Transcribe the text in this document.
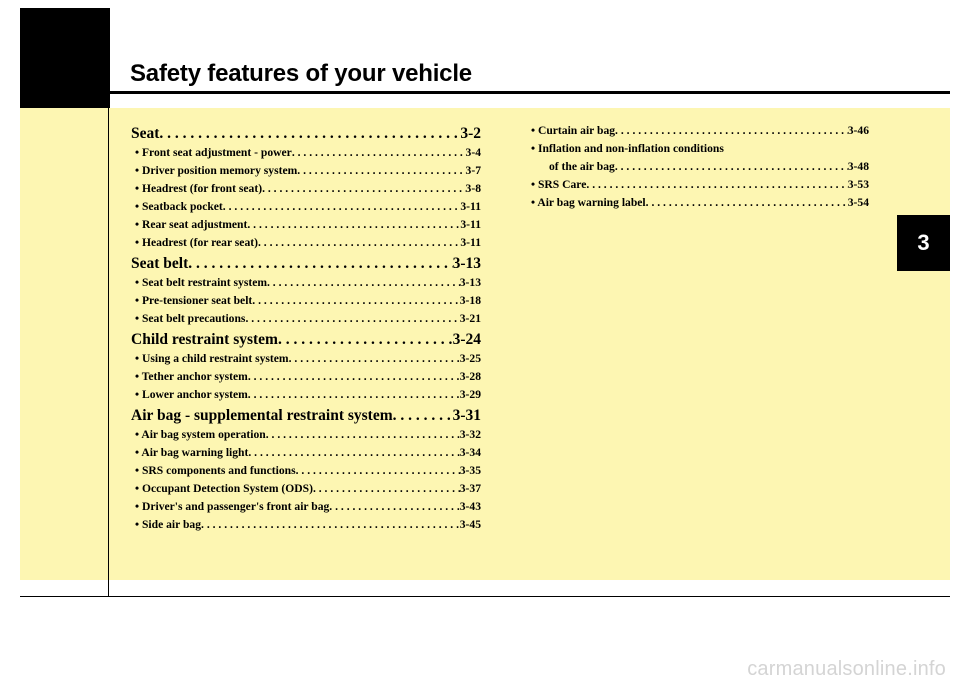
Safety features of your vehicle
3
Seat . . .	3-2
• Front seat adjustment - power . . .	3-4
• Driver position memory system . . .	3-7
• Headrest (for front seat) . . .	3-8
• Seatback pocket . . .	3-11
• Rear seat adjustment . . .	3-11
• Headrest (for rear seat) . . .	3-11
Seat belt . . .	3-13
• Seat belt restraint system . . .	3-13
• Pre-tensioner seat belt . . .	3-18
• Seat belt precautions . . .	3-21
Child restraint system . . .	3-24
• Using a child restraint system . . .	3-25
• Tether anchor system . . .	3-28
• Lower anchor system . . .	3-29
Air bag - supplemental restraint system . . .	3-31
• Air bag system operation . . .	3-32
• Air bag warning light . . .	3-34
• SRS components and functions . . .	3-35
• Occupant Detection System (ODS) . . .	3-37
• Driver's and passenger's front air bag . . .	3-43
• Side air bag . . .	3-45
• Curtain air bag . . .	3-46
• Inflation and non-inflation conditions
of the air bag . . .	3-48
• SRS Care . . .	3-53
• Air bag warning label . . .	3-54
carmanualsonline.info
